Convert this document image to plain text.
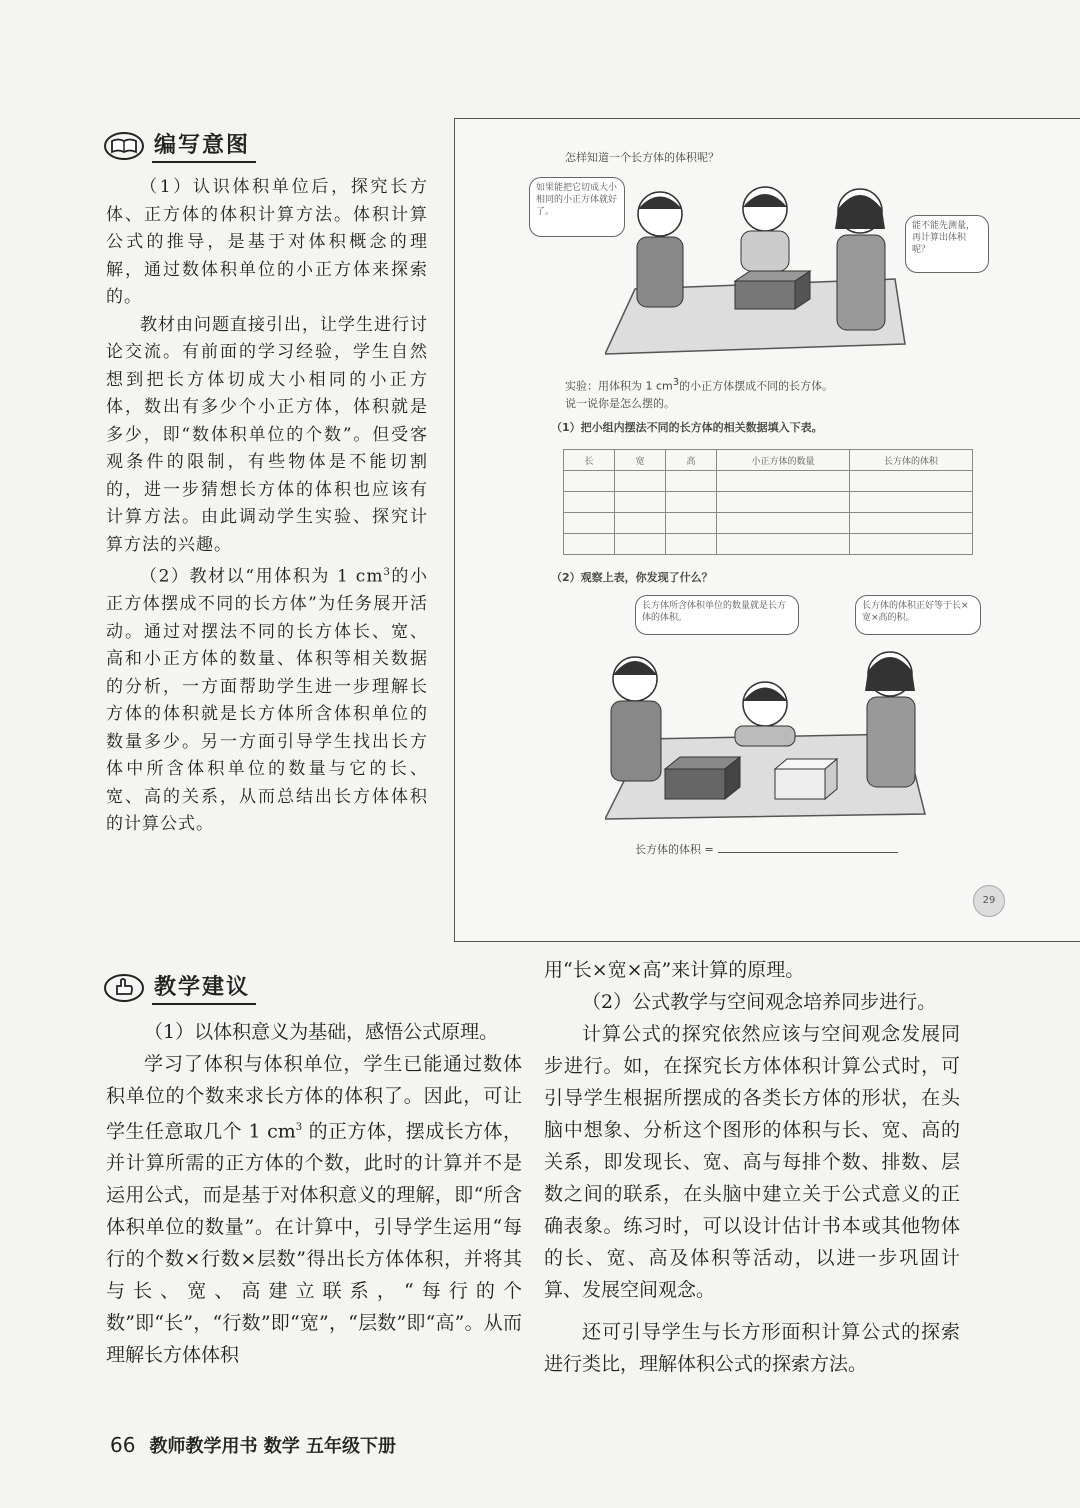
编写意图

（1）认识体积单位后，探究长方体、正方体的体积计算方法。体积计算公式的推导，是基于对体积概念的理解，通过数体积单位的小正方体来探索的。

教材由问题直接引出，让学生进行讨论交流。有前面的学习经验，学生自然想到把长方体切成大小相同的小正方体，数出有多少个小正方体，体积就是多少，即“数体积单位的个数”。但受客观条件的限制，有些物体是不能切割的，进一步猜想长方体的体积也应该有计算方法。由此调动学生实验、探究计算方法的兴趣。

（2）教材以“用体积为 1 $cm^3$的小正方体摆成不同的长方体”为任务展开活动。通过对摆法不同的长方体长、宽、高和小正方体的数量、体积等相关数据的分析，一方面帮助学生进一步理解长方体的体积就是长方体所含体积单位的数量多少。另一方面引导学生找出长方体中所含体积单位的数量与它的长、宽、高的关系，从而总结出长方体体积的计算公式。

怎样知道一个长方体的体积呢？
如果能把它切成大小相同的小正方体就好了。
能不能先测量，再计算出体积呢？
实验：用体积为 1 $cm^3$的小正方体摆成不同的长方体。
说一说你是怎么摆的。
（1）把小组内摆法不同的长方体的相关数据填入下表。
长	宽	高	小正方体的数量	长方体的体积

（2）观察上表，你发现了什么？
长方体所含体积单位的数量就是长方体的体积。
长方体的体积正好等于长×宽×高的积。
长方体的体积 =
29
教学建议

（1）以体积意义为基础，感悟公式原理。

学习了体积与体积单位，学生已能通过数体积单位的个数来求长方体的体积了。因此，可让学生任意取几个 1 $cm^3$ 的正方体，摆成长方体，并计算所需的正方体的个数，此时的计算并不是运用公式，而是基于对体积意义的理解，即“所含体积单位的数量”。在计算中，引导学生运用“每行的个数×行数×层数”得出长方体体积，并将其与长、宽、高建立联系，“每行的个数”即“长”，“行数”即“宽”，“层数”即“高”。从而理解长方体体积

用“长×宽×高”来计算的原理。

（2）公式教学与空间观念培养同步进行。

计算公式的探究依然应该与空间观念发展同步进行。如，在探究长方体体积计算公式时，可引导学生根据所摆成的各类长方体的形状，在头脑中想象、分析这个图形的体积与长、宽、高的关系，即发现长、宽、高与每排个数、排数、层数之间的联系，在头脑中建立关于公式意义的正确表象。练习时，可以设计估计书本或其他物体的长、宽、高及体积等活动，以进一步巩固计算、发展空间观念。

还可引导学生与长方形面积计算公式的探索进行类比，理解体积公式的探索方法。

66 教师教学用书 数学 五年级下册
